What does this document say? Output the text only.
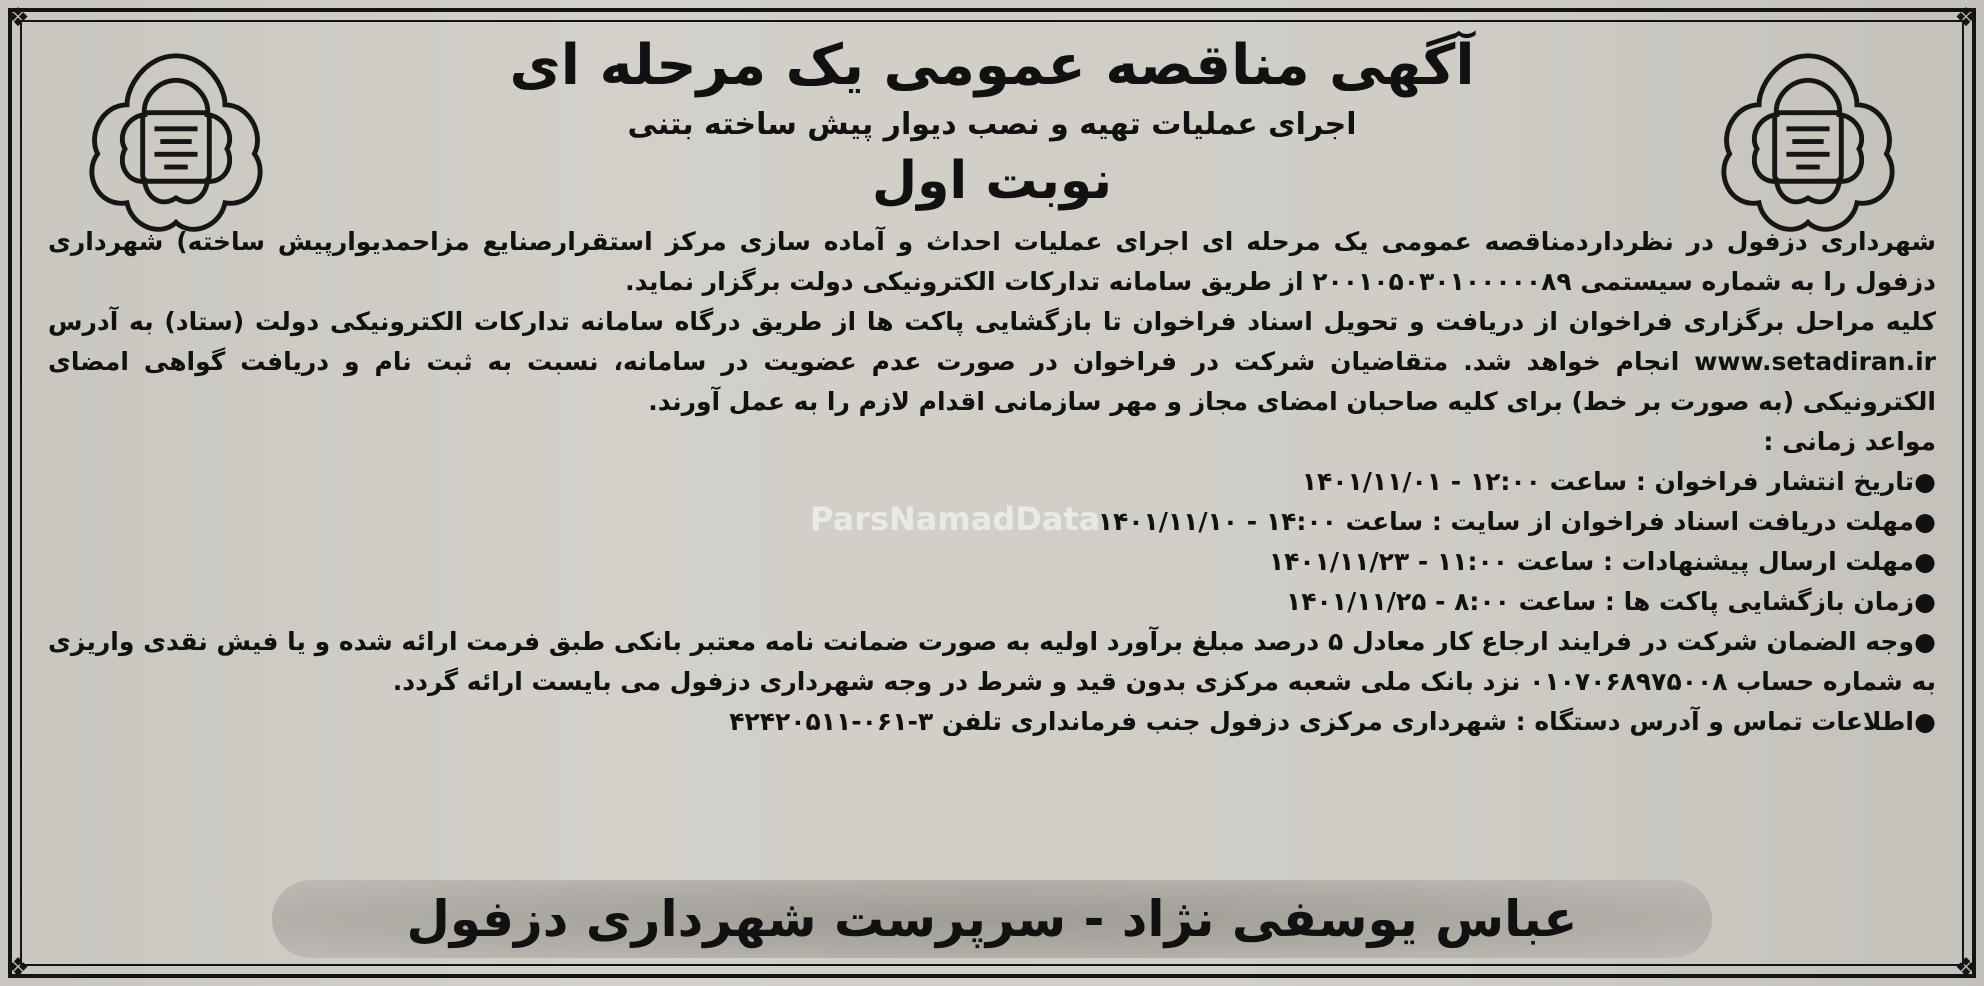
❖	❖
❖	❖
آگهی مناقصه عمومی یک مرحله ای
اجرای عملیات تهیه و نصب دیوار پیش ساخته بتنی
نوبت اول

شهرداری دزفول در نظرداردمناقصه عمومی یک مرحله ای اجرای عملیات احداث و آماده سازی مرکز استقرارصنایع مزاحمدیوارپیش ساخته) شهرداری دزفول را به شماره سیستمی ۲۰۰۱۰۵۰۳۰۱۰۰۰۰۰۸۹ از طریق سامانه تدارکات الکترونیکی دولت برگزار نماید.

کلیه مراحل برگزاری فراخوان از دریافت و تحویل اسناد فراخوان تا بازگشایی پاکت ها از طریق درگاه سامانه تدارکات الکترونیکی دولت (ستاد) به آدرس www.setadiran.ir انجام خواهد شد. متقاضیان شرکت در فراخوان در صورت عدم عضویت در سامانه، نسبت به ثبت نام و دریافت گواهی امضای الکترونیکی (به صورت بر خط) برای کلیه صاحبان امضای مجاز و مهر سازمانی اقدام لازم را به عمل آورند.

مواعد زمانی :

●تاریخ انتشار فراخوان : ساعت ۱۲:۰۰ - ۱۴۰۱/۱۱/۰۱
●مهلت دریافت اسناد فراخوان از سایت : ساعت ۱۴:۰۰ - ۱۴۰۱/۱۱/۱۰
●مهلت ارسال پیشنهادات : ساعت ۱۱:۰۰ - ۱۴۰۱/۱۱/۲۳
●زمان بازگشایی پاکت ها : ساعت ۸:۰۰ - ۱۴۰۱/۱۱/۲۵

●وجه الضمان شرکت در فرایند ارجاع کار معادل ۵ درصد مبلغ برآورد اولیه به صورت ضمانت نامه معتبر بانکی طبق فرمت ارائه شده و یا فیش نقدی واریزی به شماره حساب ۰۱۰۷۰۶۸۹۷۵۰۰۸ نزد بانک ملی شعبه مرکزی بدون قید و شرط در وجه شهرداری دزفول می بایست ارائه گردد.

●اطلاعات تماس و آدرس دستگاه : شهرداری مرکزی دزفول جنب فرمانداری تلفن ۳-۰۶۱-۴۲۴۲۰۵۱۱

ParsNamadData
عباس یوسفی نژاد - سرپرست شهرداری دزفول
